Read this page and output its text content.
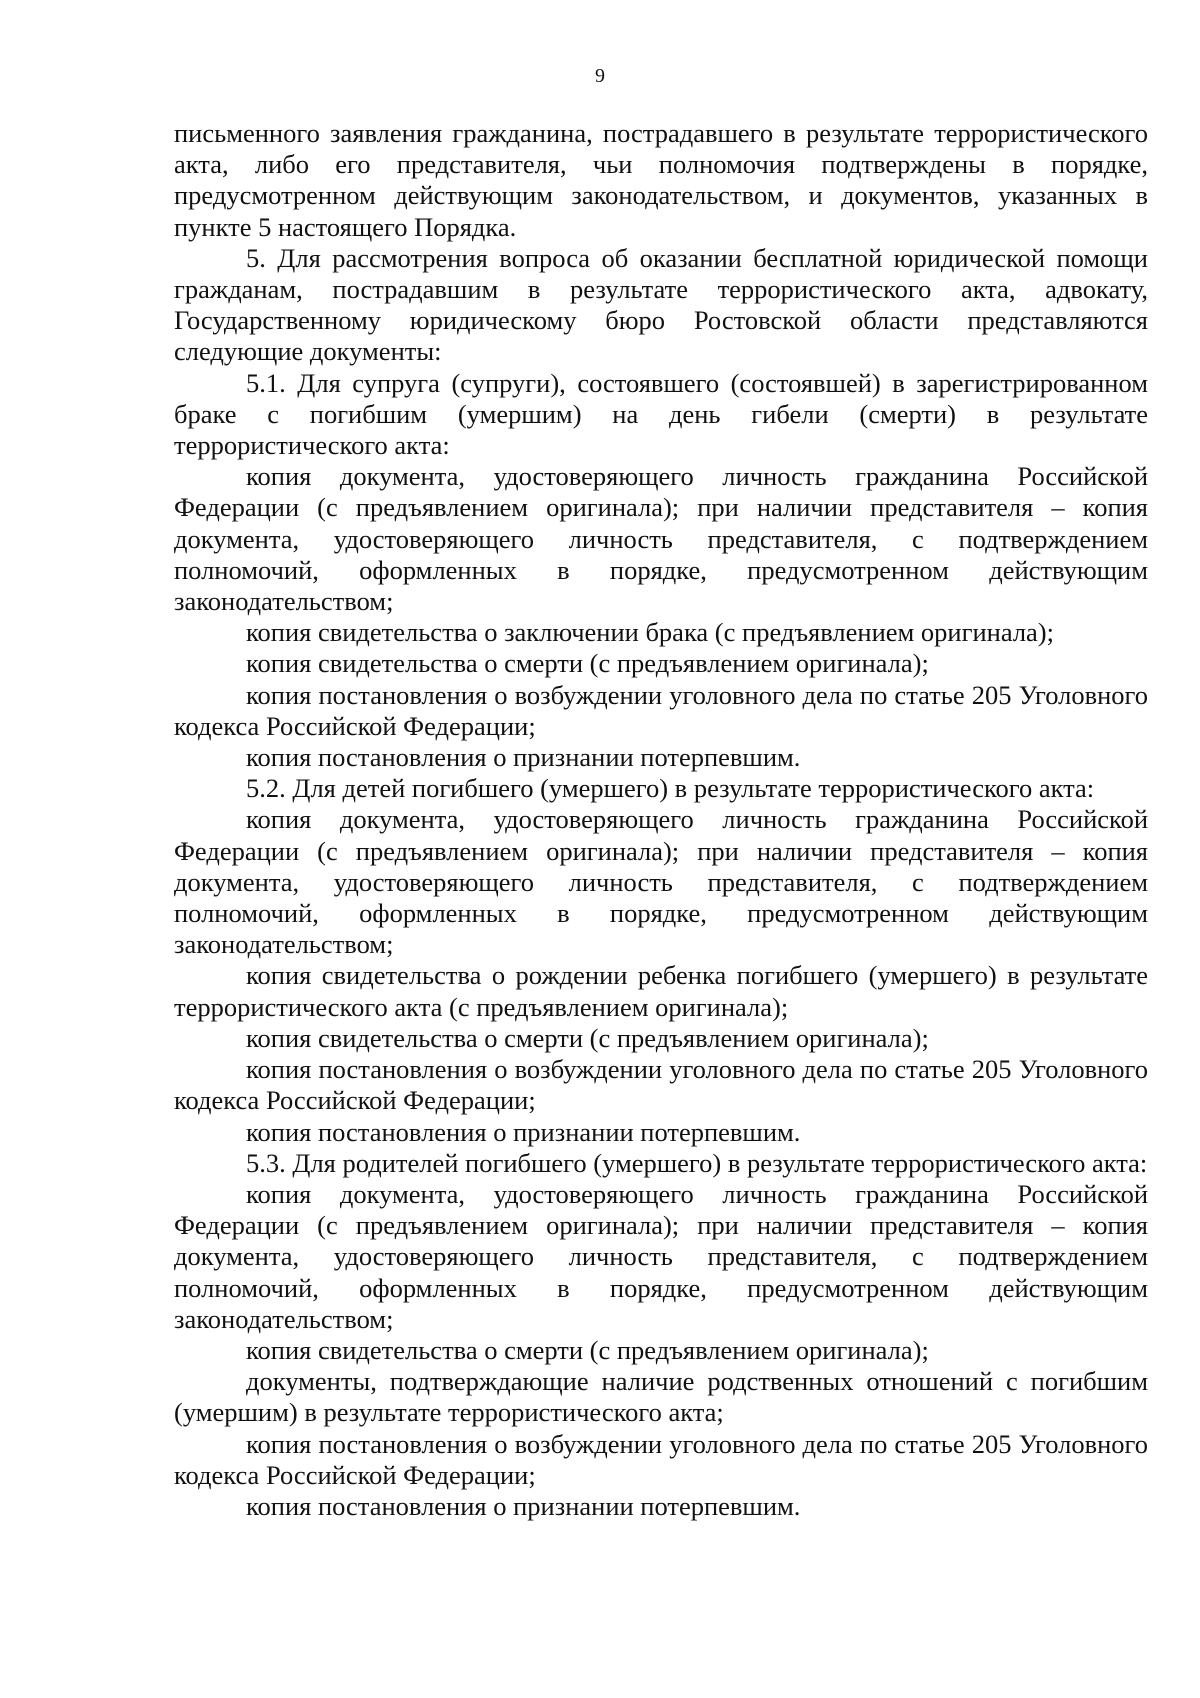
9

письменного заявления гражданина, пострадавшего в результате террористического акта, либо его представителя, чьи полномочия подтверждены в порядке, предусмотренном действующим законодательством, и документов, указанных в пункте 5 настоящего Порядка.

5. Для рассмотрения вопроса об оказании бесплатной юридической помощи гражданам, пострадавшим в результате террористического акта, адвокату, Государственному юридическому бюро Ростовской области представляются следующие документы:

5.1. Для супруга (супруги), состоявшего (состоявшей) в зарегистрированном браке с погибшим (умершим) на день гибели (смерти) в результате террористического акта:

копия документа, удостоверяющего личность гражданина Российской Федерации (с предъявлением оригинала); при наличии представителя – копия документа, удостоверяющего личность представителя, с подтверждением полномочий, оформленных в порядке, предусмотренном действующим законодательством;

копия свидетельства о заключении брака (с предъявлением оригинала);

копия свидетельства о смерти (с предъявлением оригинала);

копия постановления о возбуждении уголовного дела по статье 205 Уголовного кодекса Российской Федерации;

копия постановления о признании потерпевшим.

5.2. Для детей погибшего (умершего) в результате террористического акта:

копия документа, удостоверяющего личность гражданина Российской Федерации (с предъявлением оригинала); при наличии представителя – копия документа, удостоверяющего личность представителя, с подтверждением полномочий, оформленных в порядке, предусмотренном действующим законодательством;

копия свидетельства о рождении ребенка погибшего (умершего) в результате террористического акта (с предъявлением оригинала);

копия свидетельства о смерти (с предъявлением оригинала);

копия постановления о возбуждении уголовного дела по статье 205 Уголовного кодекса Российской Федерации;

копия постановления о признании потерпевшим.

5.3. Для родителей погибшего (умершего) в результате террористического акта:

копия документа, удостоверяющего личность гражданина Российской Федерации (с предъявлением оригинала); при наличии представителя – копия документа, удостоверяющего личность представителя, с подтверждением полномочий, оформленных в порядке, предусмотренном действующим законодательством;

копия свидетельства о смерти (с предъявлением оригинала);

документы, подтверждающие наличие родственных отношений с погибшим (умершим) в результате террористического акта;

копия постановления о возбуждении уголовного дела по статье 205 Уголовного кодекса Российской Федерации;

копия постановления о признании потерпевшим.
